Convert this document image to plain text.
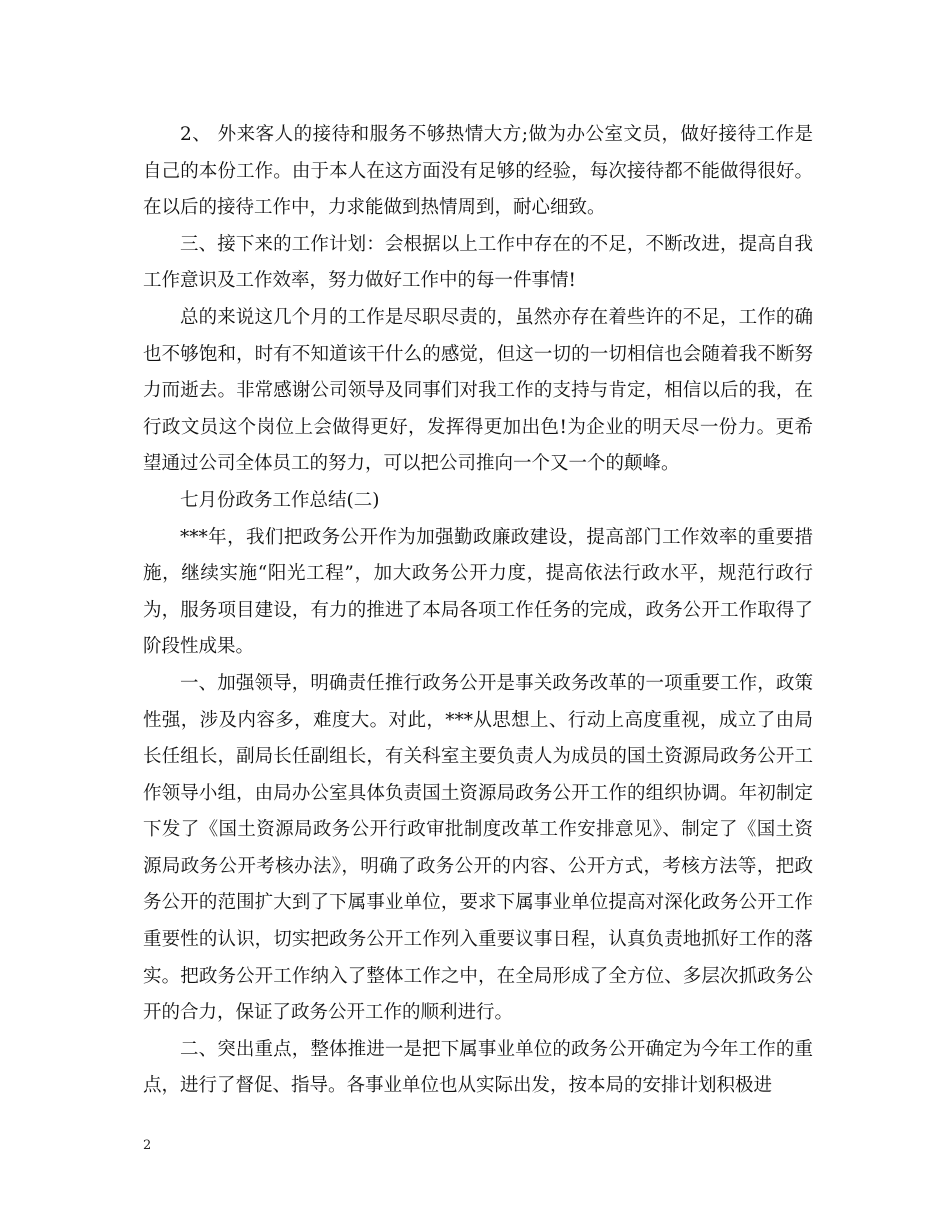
2、 外来客人的接待和服务不够热情大方;做为办公室文员，做好接待工作是自己的本份工作。由于本人在这方面没有足够的经验，每次接待都不能做得很好。在以后的接待工作中，力求能做到热情周到，耐心细致。

三、接下来的工作计划：会根据以上工作中存在的不足，不断改进，提高自我工作意识及工作效率，努力做好工作中的每一件事情!

总的来说这几个月的工作是尽职尽责的，虽然亦存在着些许的不足，工作的确也不够饱和，时有不知道该干什么的感觉，但这一切的一切相信也会随着我不断努力而逝去。非常感谢公司领导及同事们对我工作的支持与肯定，相信以后的我，在行政文员这个岗位上会做得更好，发挥得更加出色!为企业的明天尽一份力。更希望通过公司全体员工的努力，可以把公司推向一个又一个的颠峰。

七月份政务工作总结(二)

***年，我们把政务公开作为加强勤政廉政建设，提高部门工作效率的重要措施，继续实施“阳光工程”，加大政务公开力度，提高依法行政水平，规范行政行为，服务项目建设，有力的推进了本局各项工作任务的完成，政务公开工作取得了阶段性成果。

一、加强领导，明确责任推行政务公开是事关政务改革的一项重要工作，政策性强，涉及内容多，难度大。对此，***从思想上、行动上高度重视，成立了由局长任组长，副局长任副组长，有关科室主要负责人为成员的国土资源局政务公开工作领导小组，由局办公室具体负责国土资源局政务公开工作的组织协调。年初制定下发了《国土资源局政务公开行政审批制度改革工作安排意见》、制定了《国土资源局政务公开考核办法》，明确了政务公开的内容、公开方式，考核方法等，把政务公开的范围扩大到了下属事业单位，要求下属事业单位提高对深化政务公开工作重要性的认识，切实把政务公开工作列入重要议事日程，认真负责地抓好工作的落实。把政务公开工作纳入了整体工作之中，在全局形成了全方位、多层次抓政务公开的合力，保证了政务公开工作的顺利进行。

二、突出重点，整体推进一是把下属事业单位的政务公开确定为今年工作的重点，进行了督促、指导。各事业单位也从实际出发，按本局的安排计划积极进

2
